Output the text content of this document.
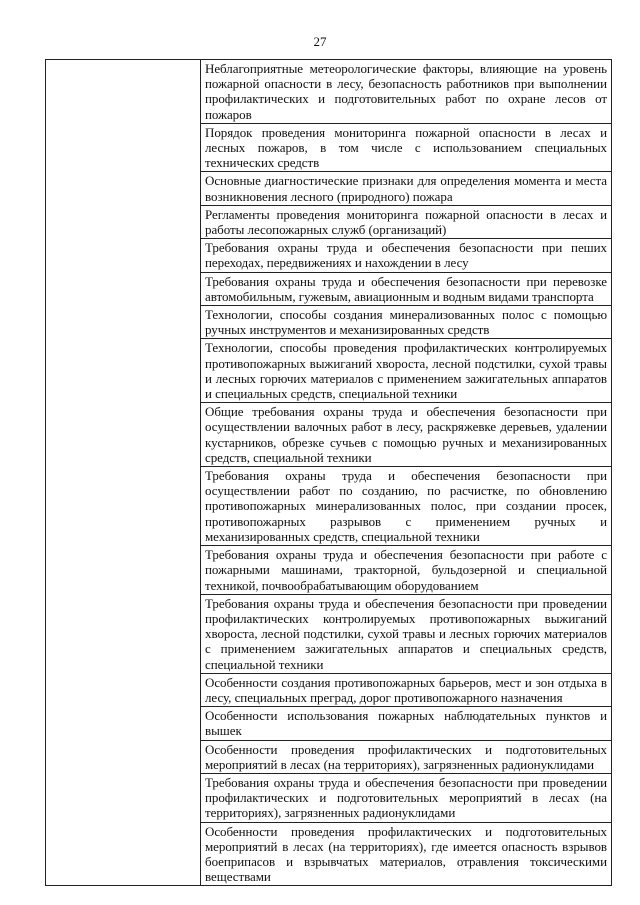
27
	Неблагоприятные метеорологические факторы, влияющие на уровень пожарной опасности в лесу, безопасность работников при выполнении профилактических и подготовительных работ по охране лесов от пожаров
Порядок проведения мониторинга пожарной опасности в лесах и лесных пожаров, в том числе с использованием специальных технических средств
Основные диагностические признаки для определения момента и места возникновения лесного (природного) пожара
Регламенты проведения мониторинга пожарной опасности в лесах и работы лесопожарных служб (организаций)
Требования охраны труда и обеспечения безопасности при пеших переходах, передвижениях и нахождении в лесу
Требования охраны труда и обеспечения безопасности при перевозке автомобильным, гужевым, авиационным и водным видами транспорта
Технологии, способы создания минерализованных полос с помощью ручных инструментов и механизированных средств
Технологии, способы проведения профилактических контролируемых противопожарных выжиганий хвороста, лесной подстилки, сухой травы и лесных горючих материалов с применением зажигательных аппаратов и специальных средств, специальной техники
Общие требования охраны труда и обеспечения безопасности при осуществлении валочных работ в лесу, раскряжевке деревьев, удалении кустарников, обрезке сучьев с помощью ручных и механизированных средств, специальной техники
Требования охраны труда и обеспечения безопасности при осуществлении работ по созданию, по расчистке, по обновлению противопожарных минерализованных полос, при создании просек, противопожарных разрывов с применением ручных и механизированных средств, специальной техники
Требования охраны труда и обеспечения безопасности при работе с пожарными машинами, тракторной, бульдозерной и специальной техникой, почвообрабатывающим оборудованием
Требования охраны труда и обеспечения безопасности при проведении профилактических контролируемых противопожарных выжиганий хвороста, лесной подстилки, сухой травы и лесных горючих материалов с применением зажигательных аппаратов и специальных средств, специальной техники
Особенности создания противопожарных барьеров, мест и зон отдыха в лесу, специальных преград, дорог противопожарного назначения
Особенности использования пожарных наблюдательных пунктов и вышек
Особенности проведения профилактических и подготовительных мероприятий в лесах (на территориях), загрязненных радионуклидами
Требования охраны труда и обеспечения безопасности при проведении профилактических и подготовительных мероприятий в лесах (на территориях), загрязненных радионуклидами
Особенности проведения профилактических и подготовительных мероприятий в лесах (на территориях), где имеется опасность взрывов боеприпасов и взрывчатых материалов, отравления токсическими веществами
